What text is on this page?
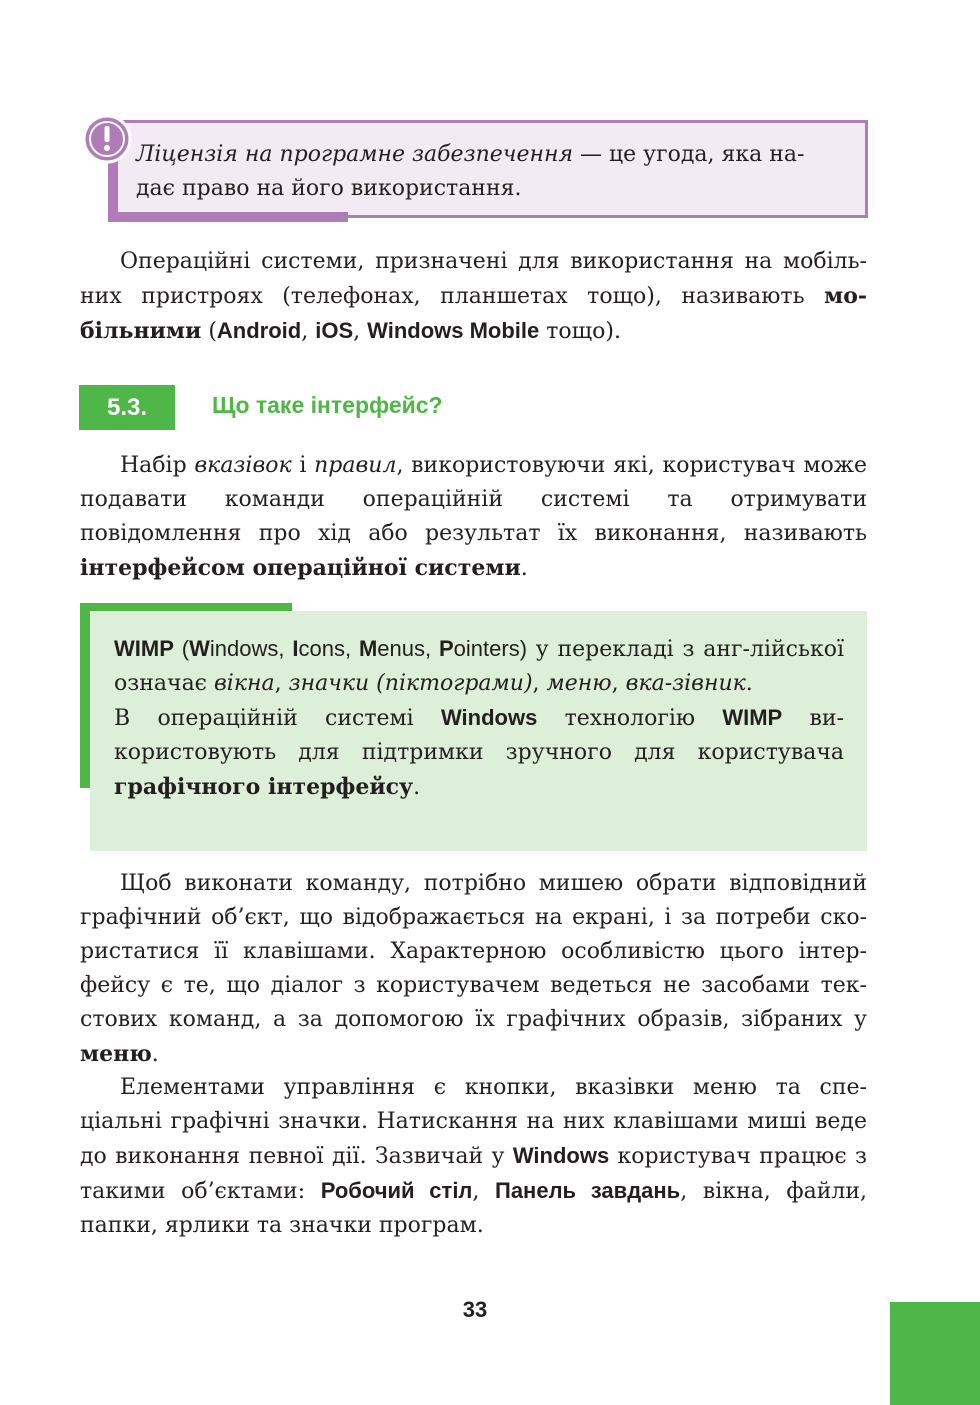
Ліцензія на програмне забезпечення — це угода, яка на-
дає право на його використання.

Операційні системи, призначені для використання на мобіль-них пристроях (телефонах, планшетах тощо), називають мо-більними (Android, iOS, Windows Mobile тощо).

5.3.	Що таке інтерфейс?

Набір вказівок і правил, використовуючи які, користувач може подавати команди операційній системі та отримувати повідомлення про хід або результат їх виконання, називають інтерфейсом операційної системи.

WIMP (Windows, Icons, Menus, Pointers) у перекладі з анг-лійської означає вікна, значки (піктограми), меню, вка-зівник.

В операційній системі Windows технологію WIMP ви-користовують для підтримки зручного для користувача графічного інтерфейсу.

Щоб виконати команду, потрібно мишею обрати відповідний графічний об’єкт, що відображається на екрані, і за потреби ско-ристатися її клавішами. Характерною особливістю цього інтер-фейсу є те, що діалог з користувачем ведеться не засобами тек-стових команд, а за допомогою їх графічних образів, зібраних у меню.

Елементами управління є кнопки, вказівки меню та спе-ціальні графічні значки. Натискання на них клавішами миші веде до виконання певної дії. Зазвичай у Windows користувач працює з такими об’єктами: Робочий стіл, Панель завдань, вікна, файли, папки, ярлики та значки програм.

33
